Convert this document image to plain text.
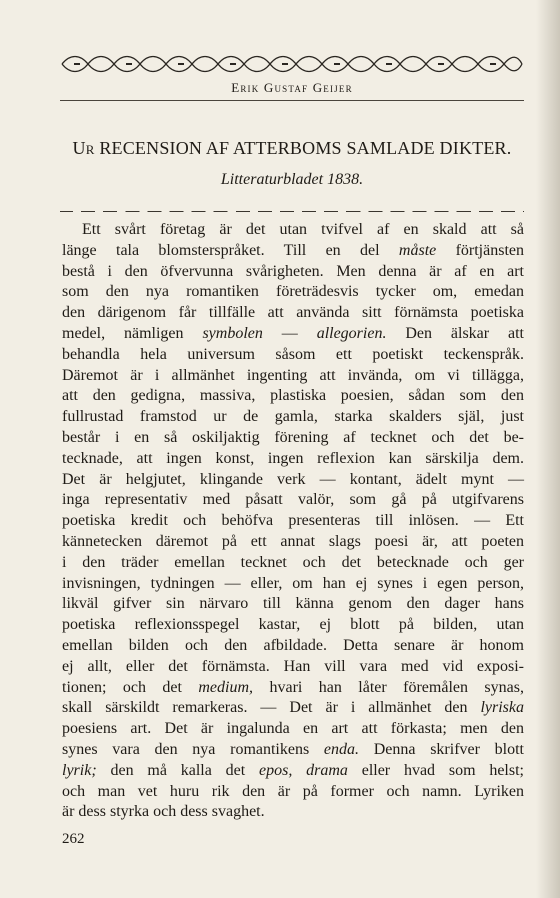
Erik Gustaf Geijer
Ur RECENSION AF ATTERBOMS SAMLADE DIKTER.
Litteraturbladet 1838.
Ett svårt företag är det utan tvifvel af en skald att så
länge tala blomsterspråket. Till en del måste förtjänsten
bestå i den öfvervunna svårigheten. Men denna är af en art
som den nya romantiken företrädesvis tycker om, emedan
den därigenom får tillfälle att använda sitt förnämsta poetiska
medel, nämligen symbolen — allegorien. Den älskar att
behandla hela universum såsom ett poetiskt teckenspråk.
Däremot är i allmänhet ingenting att invända, om vi tillägga,
att den gedigna, massiva, plastiska poesien, sådan som den
fullrustad framstod ur de gamla, starka skalders själ, just
består i en så oskiljaktig förening af tecknet och det be-
tecknade, att ingen konst, ingen reflexion kan särskilja dem.
Det är helgjutet, klingande verk — kontant, ädelt mynt —
inga representativ med påsatt valör, som gå på utgifvarens
poetiska kredit och behöfva presenteras till inlösen. — Ett
kännetecken däremot på ett annat slags poesi är, att poeten
i den träder emellan tecknet och det betecknade och ger
invisningen, tydningen — eller, om han ej synes i egen person,
likväl gifver sin närvaro till känna genom den dager hans
poetiska reflexionsspegel kastar, ej blott på bilden, utan
emellan bilden och den afbildade. Detta senare är honom
ej allt, eller det förnämsta. Han vill vara med vid exposi-
tionen; och det medium, hvari han låter föremålen synas,
skall särskildt remarkeras. — Det är i allmänhet den lyriska
poesiens art. Det är ingalunda en art att förkasta; men den
synes vara den nya romantikens enda. Denna skrifver blott
lyrik; den må kalla det epos, drama eller hvad som helst;
och man vet huru rik den är på former och namn. Lyriken
är dess styrka och dess svaghet.
262
